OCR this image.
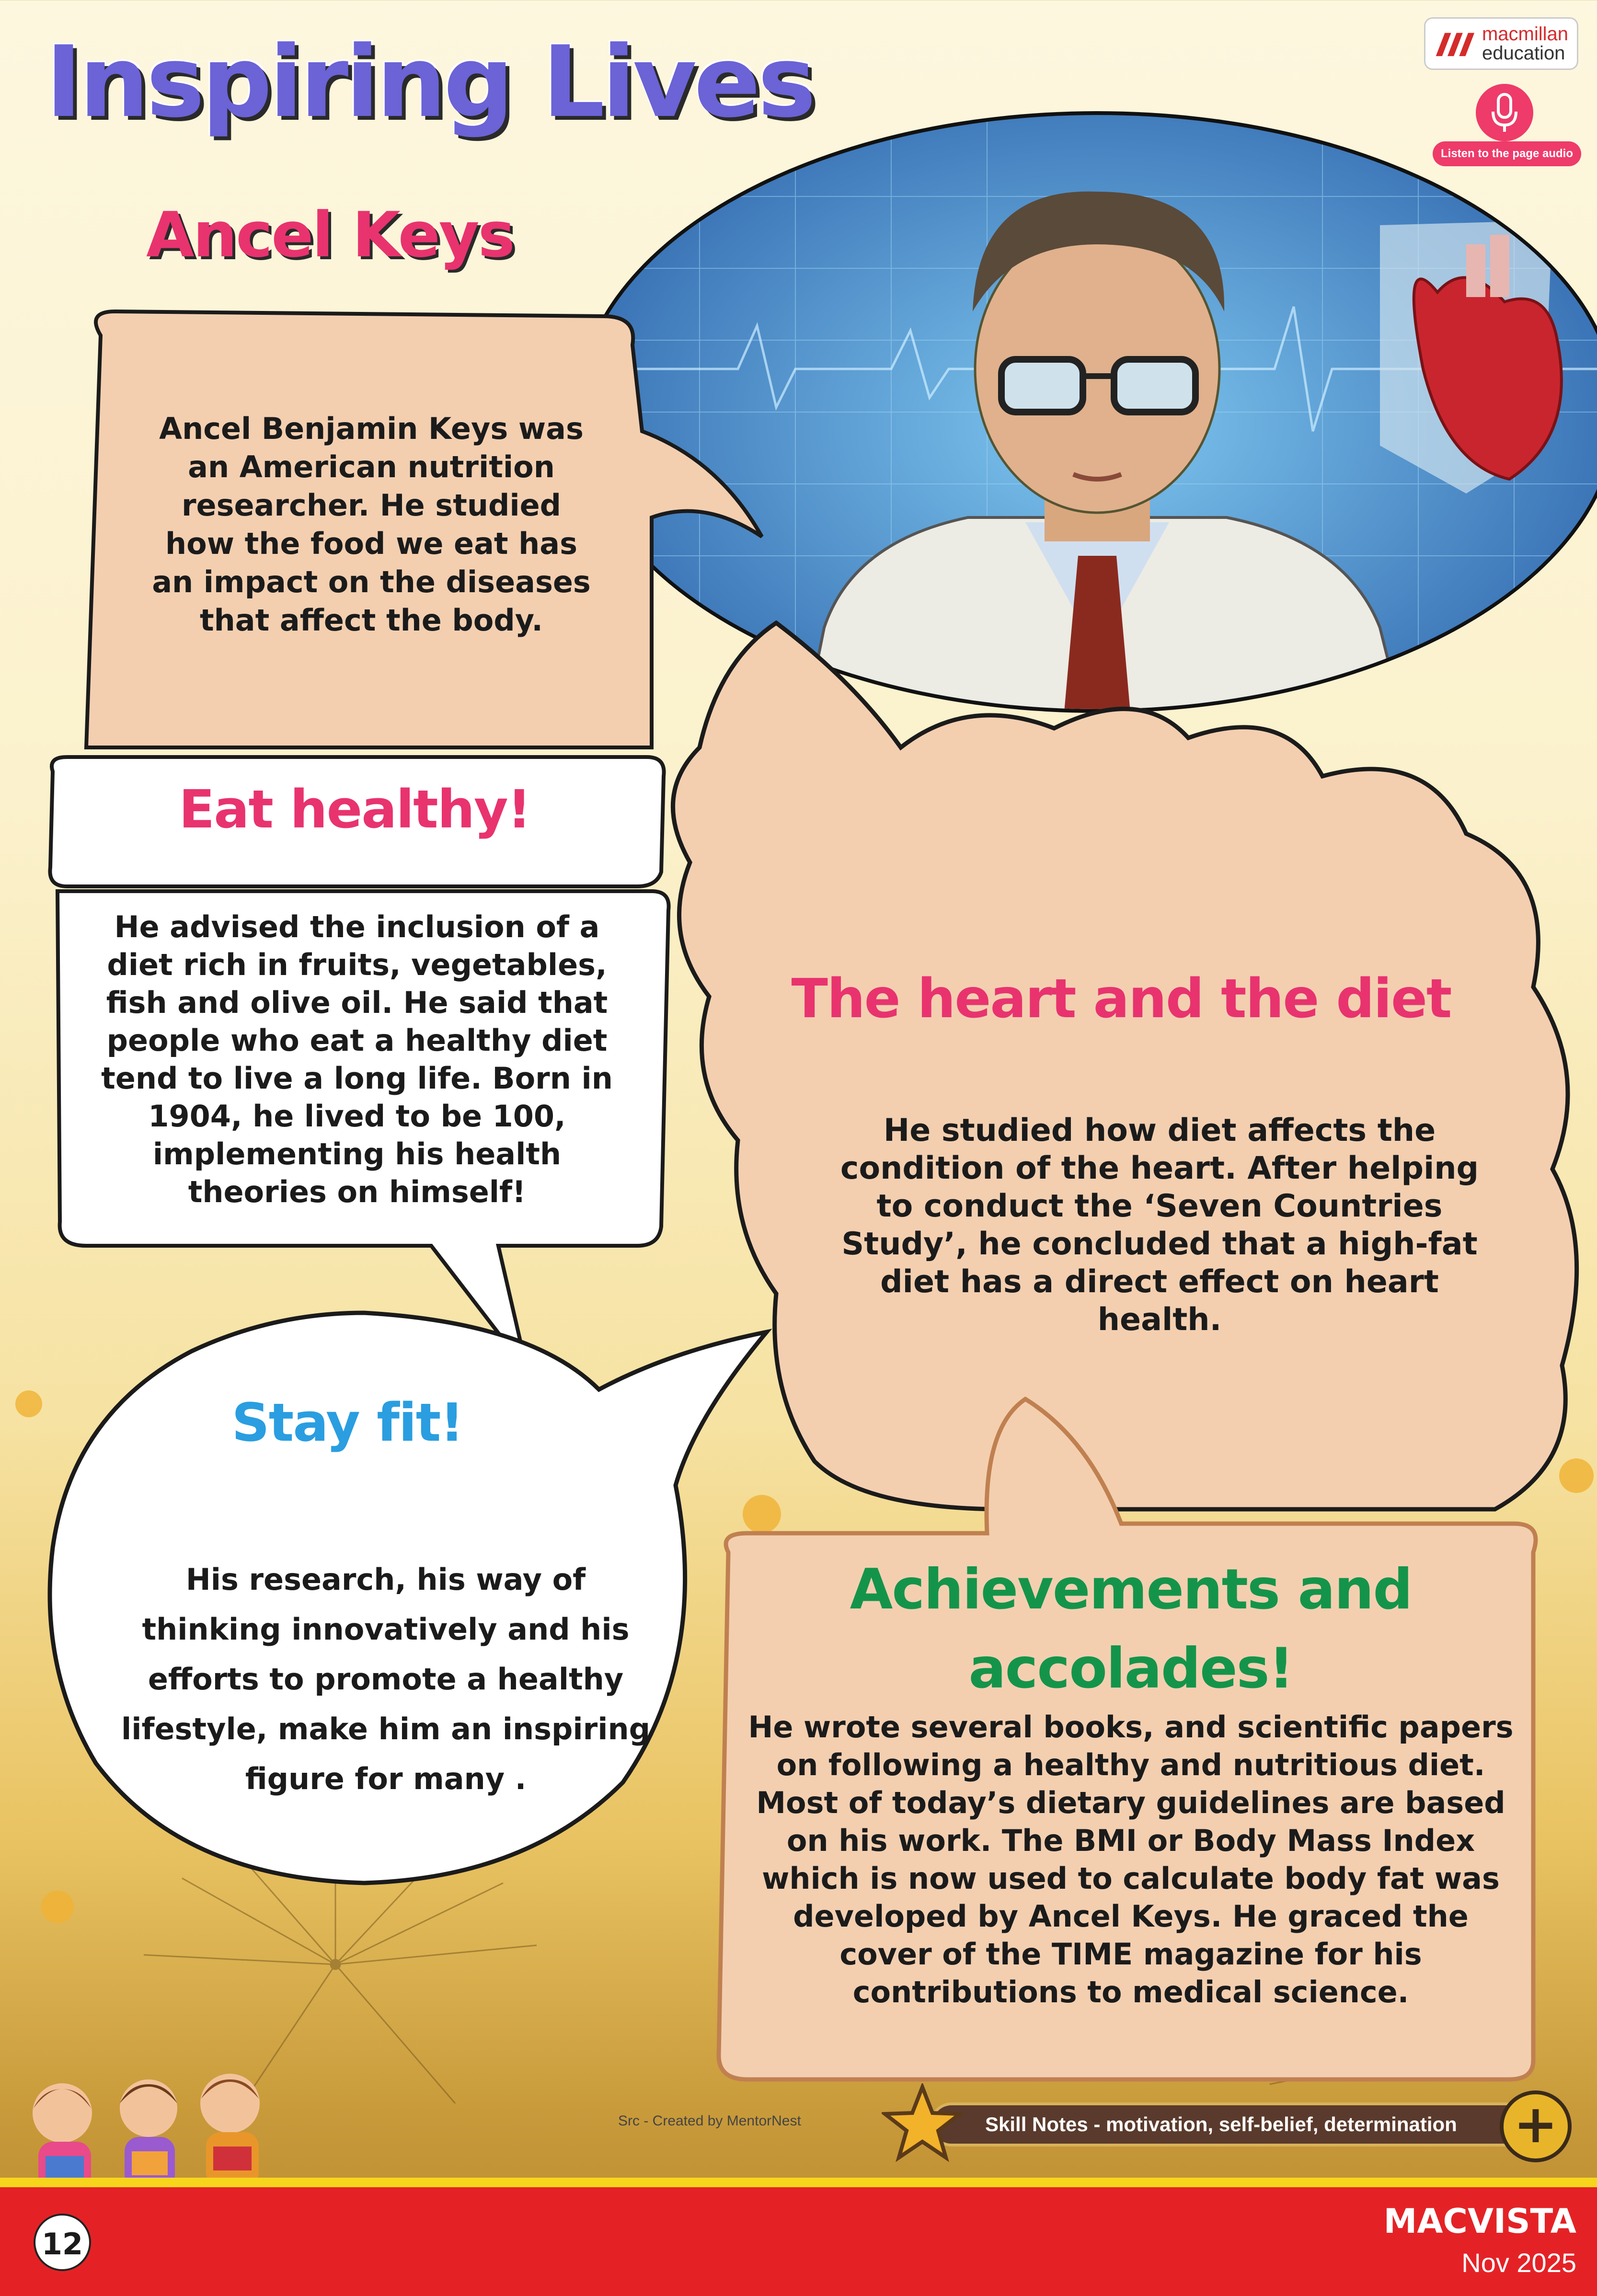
Inspiring Lives
Ancel Keys
macmillan
education
Listen to the page audio
Ancel Benjamin Keys was an American nutrition researcher. He studied how the food we eat has an impact on the diseases that affect the body.
Eat healthy!
He advised the inclusion of a diet rich in fruits, vegetables, fish and olive oil. He said that people who eat a healthy diet tend to live a long life. Born in 1904, he lived to be 100, implementing his health theories on himself!
The heart and the diet
He studied how diet affects the condition of the heart. After helping to conduct the ‘Seven Countries Study’, he concluded that a high-fat diet has a direct effect on heart health.
Stay fit!
His research, his way of thinking innovatively and his efforts to promote a healthy lifestyle, make him an inspiring figure for many .
Achievements and accolades!
He wrote several books, and scientific papers on following a healthy and nutritious diet. Most of today’s dietary guidelines are based on his work. The BMI or Body Mass Index which is now used to calculate body fat was developed by Ancel Keys. He graced the cover of the TIME magazine for his contributions to medical science.
Src - Created by MentorNest	Skill Notes - motivation, self-belief, determination	+
12
MACVISTA
Nov 2025
